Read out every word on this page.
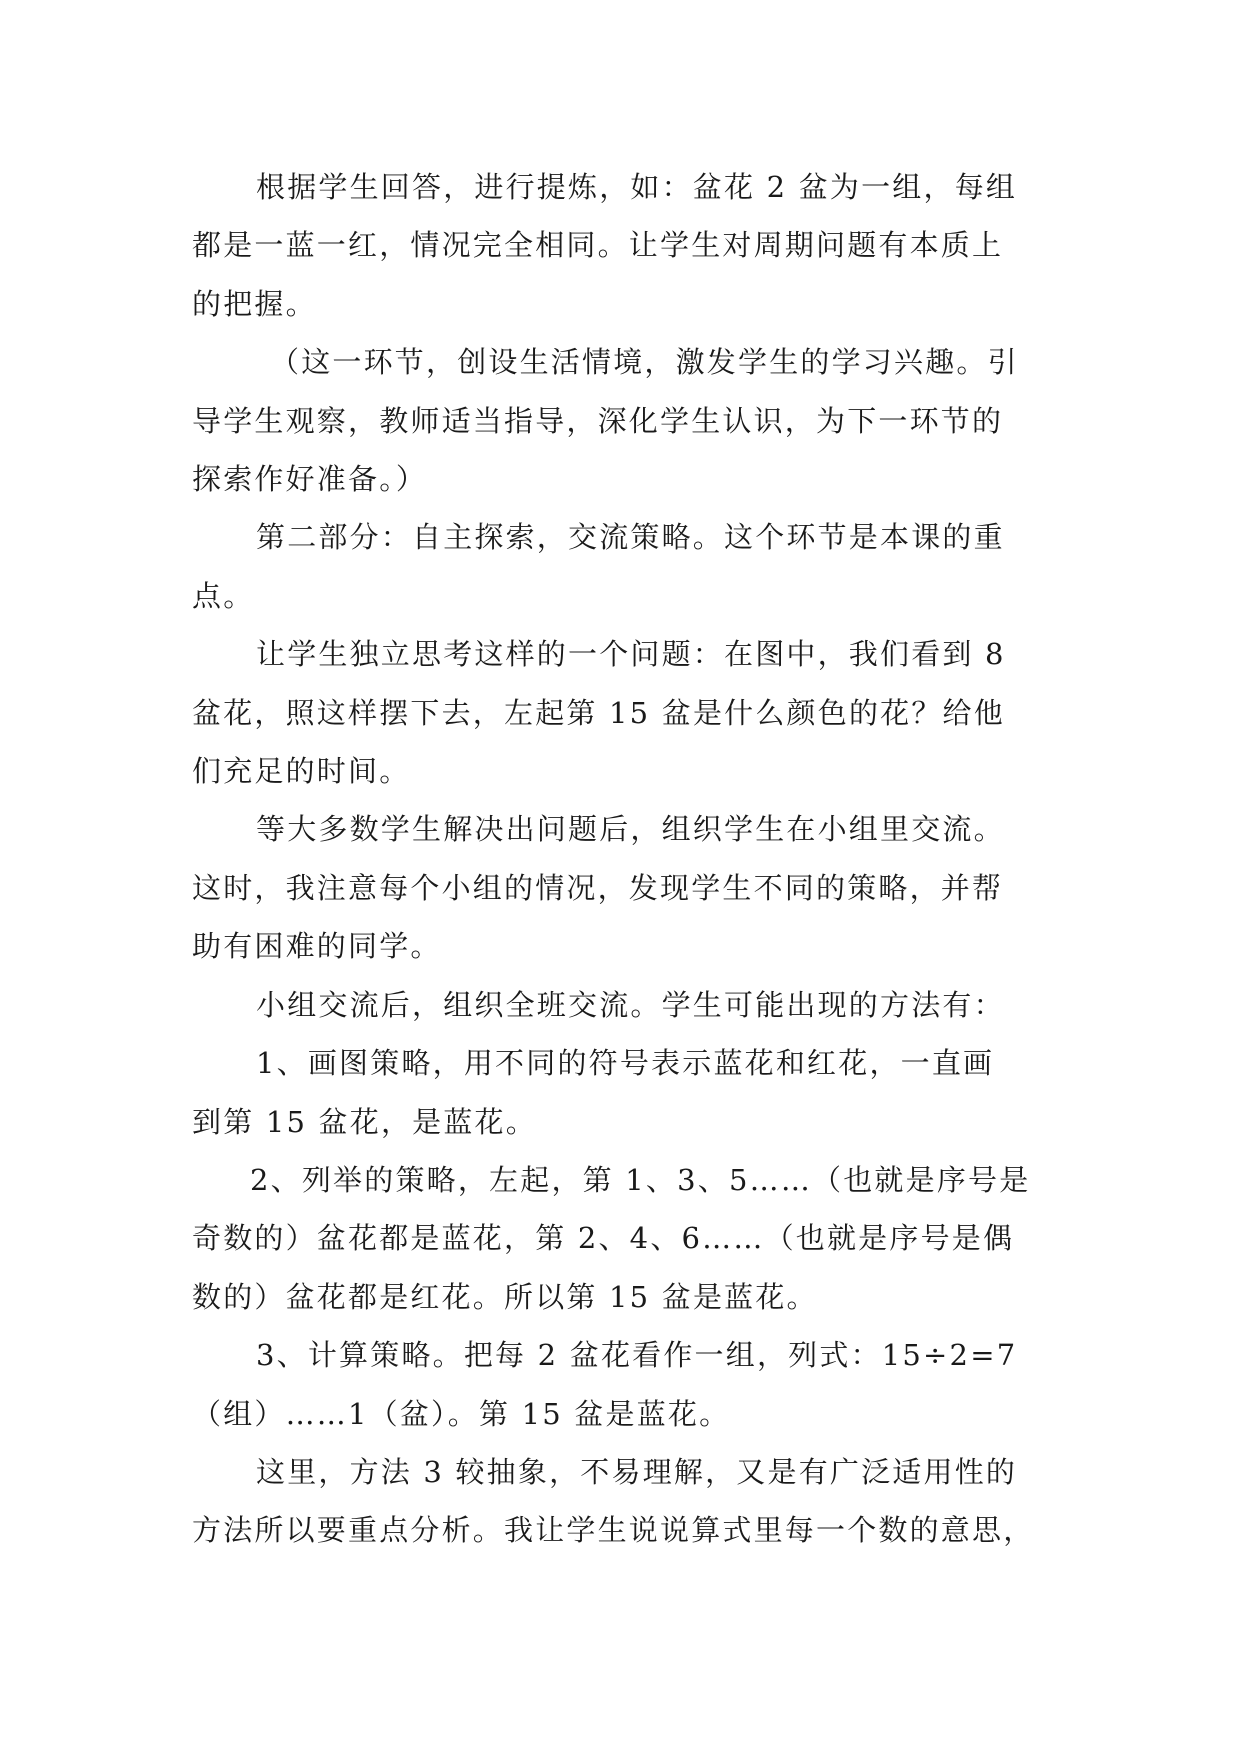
根据学生回答，进行提炼，如：盆花 2 盆为一组，每组
都是一蓝一红，情况完全相同。让学生对周期问题有本质上
的把握。

（这一环节，创设生活情境，激发学生的学习兴趣。引
导学生观察，教师适当指导，深化学生认识，为下一环节的
探索作好准备。）

第二部分：自主探索，交流策略。这个环节是本课的重
点。

让学生独立思考这样的一个问题：在图中，我们看到 8
盆花，照这样摆下去，左起第 15 盆是什么颜色的花？给他
们充足的时间。

等大多数学生解决出问题后，组织学生在小组里交流。
这时，我注意每个小组的情况，发现学生不同的策略，并帮
助有困难的同学。

小组交流后，组织全班交流。学生可能出现的方法有：

1、画图策略，用不同的符号表示蓝花和红花，一直画
到第 15 盆花，是蓝花。

2、列举的策略，左起，第 1、3、5……（也就是序号是
奇数的）盆花都是蓝花，第 2、4、6……（也就是序号是偶
数的）盆花都是红花。所以第 15 盆是蓝花。

3、计算策略。把每 2 盆花看作一组，列式：15÷2=7
（组）……1（盆）。第 15 盆是蓝花。

这里，方法 3 较抽象，不易理解，又是有广泛适用性的
方法所以要重点分析。我让学生说说算式里每一个数的意思，
